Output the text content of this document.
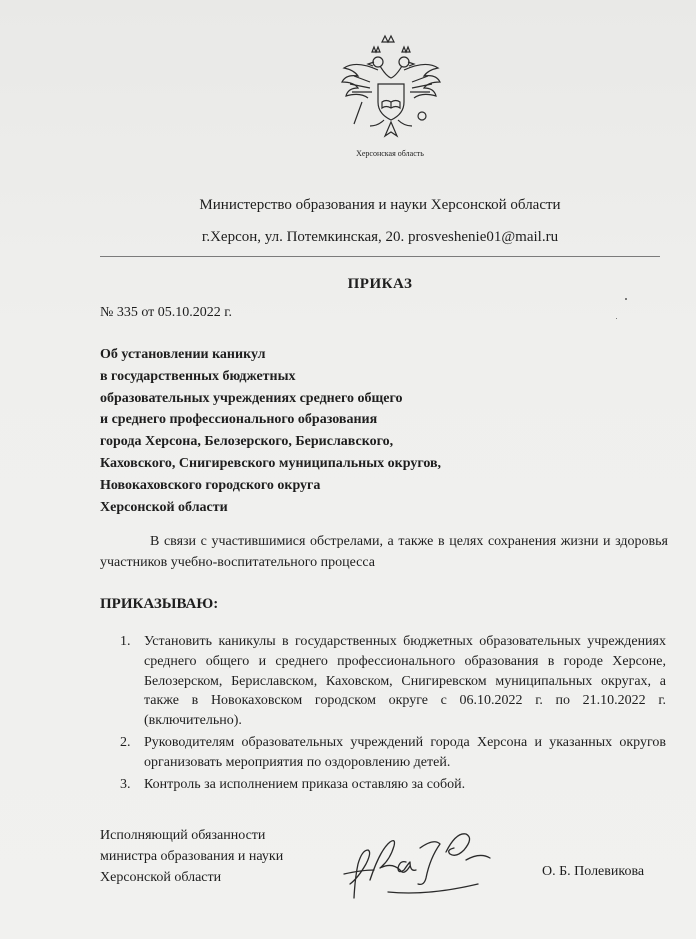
Херсонская область
Министерство образования и науки Херсонской области
г.Херсон, ул. Потемкинская, 20. prosveshenie01@mail.ru
ПРИКАЗ
№ 335 от 05.10.2022 г.
Об установлении каникул
в государственных бюджетных
образовательных учреждениях среднего общего
и среднего профессионального образования
города Херсона, Белозерского, Бериславского,
Каховского, Снигиревского муниципальных округов,
Новокаховского городского округа
Херсонской области
В связи с участившимися обстрелами, а также в целях сохранения жизни и здоровья участников учебно-воспитательного процесса
ПРИКАЗЫВАЮ:
1. Установить каникулы в государственных бюджетных образовательных учреждениях среднего общего и среднего профессионального образования в городе Херсоне, Белозерском, Бериславском, Каховском, Снигиревском муниципальных округах, а также в Новокаховском городском округе с 06.10.2022 г. по 21.10.2022 г. (включительно).
2. Руководителям образовательных учреждений города Херсона и указанных округов организовать мероприятия по оздоровлению детей.
3. Контроль за исполнением приказа оставляю за собой.
Исполняющий обязанности
министра образования и науки
Херсонской области	О. Б. Полевикова
